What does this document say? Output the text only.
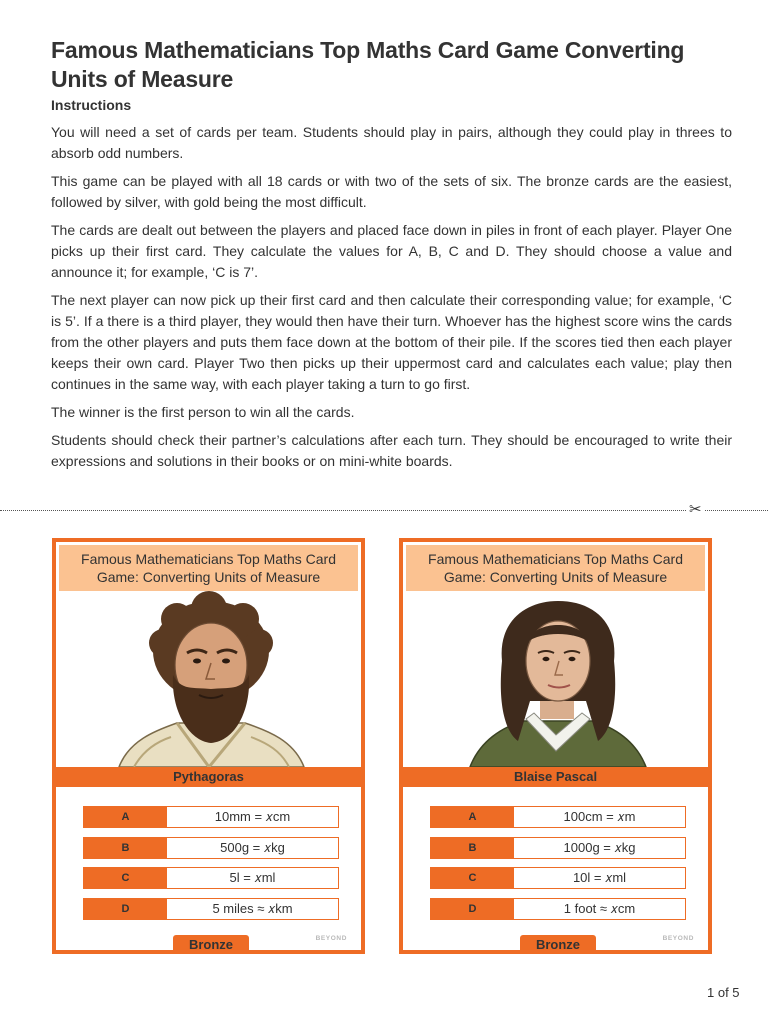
Famous Mathematicians Top Maths Card Game Converting Units of Measure
Instructions

You will need a set of cards per team. Students should play in pairs, although they could play in threes to absorb odd numbers.

This game can be played with all 18 cards or with two of the sets of six. The bronze cards are the easiest, followed by silver, with gold being the most difficult.

The cards are dealt out between the players and placed face down in piles in front of each player. Player One picks up their first card. They calculate the values for A, B, C and D. They should choose a value and announce it; for example, ‘C is 7’.

The next player can now pick up their first card and then calculate their corresponding value; for example, ‘C is 5’. If a there is a third player, they would then have their turn. Whoever has the highest score wins the cards from the other players and puts them face down at the bottom of their pile. If the scores tied then each player keeps their own card. Player Two then picks up their uppermost card and calculates each value; play then continues in the same way, with each player taking a turn to go first.

The winner is the first person to win all the cards.

Students should check their partner’s calculations after each turn. They should be encouraged to write their expressions and solutions in their books or on mini-white boards.

✂
Famous Mathematicians Top Maths Card Game: Converting Units of Measure
Pythagoras
A	10mm = 𝑥cm
B	500g = 𝑥kg
C	5l = 𝑥ml
D	5 miles ≈ 𝑥km
Bronze	BEYOND
Famous Mathematicians Top Maths Card Game: Converting Units of Measure
Blaise Pascal
A	100cm = 𝑥m
B	1000g = 𝑥kg
C	10l = 𝑥ml
D	1 foot ≈ 𝑥cm
Bronze	BEYOND
1 of 5
